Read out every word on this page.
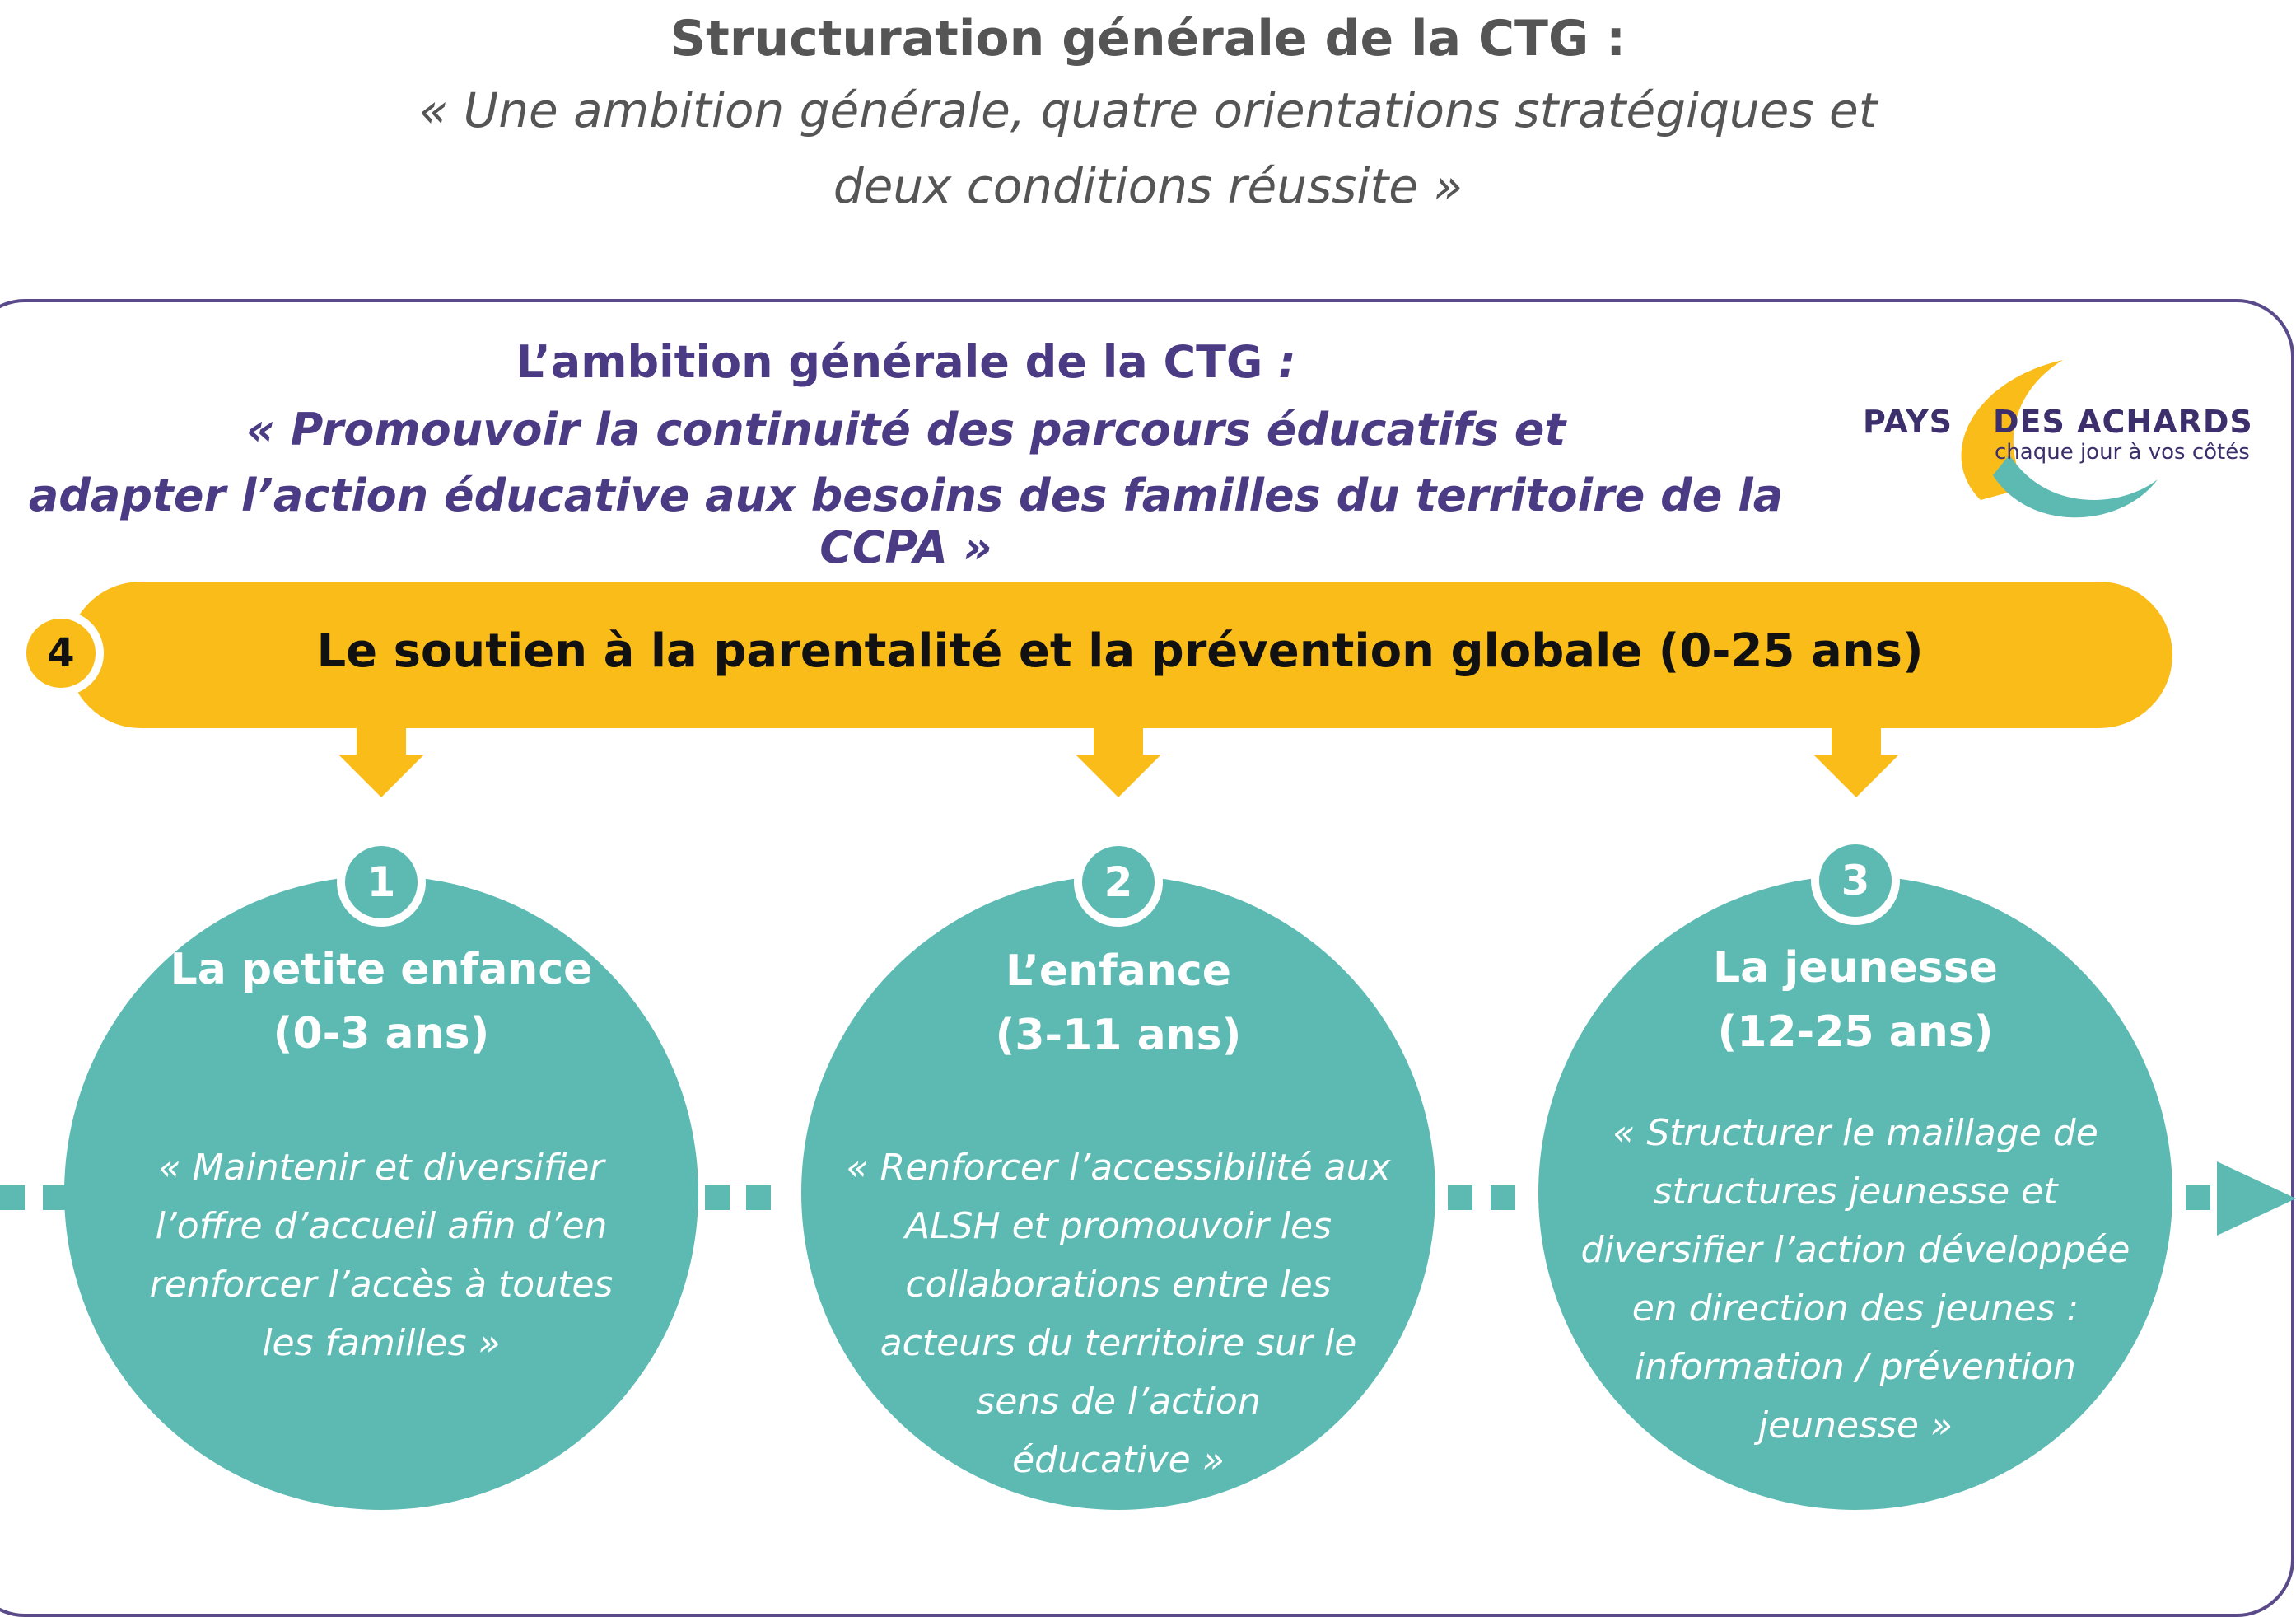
Structuration générale de la CTG :
« Une ambition générale, quatre orientations stratégiques et
deux conditions réussite »
L’ambition générale de la CTG :
« Promouvoir la continuité des parcours éducatifs et
adapter l’action éducative aux besoins des familles du territoire de la CCPA »
PAYS DES ACHARDS
chaque jour à vos côtés
Le soutien à la parentalité et la prévention globale (0-25 ans)
4
1
La petite enfance
(0-3 ans)
« Maintenir et diversifier
l’offre d’accueil afin d’en
renforcer l’accès à toutes
les familles »
2
L’enfance
(3-11 ans)
« Renforcer l’accessibilité aux
ALSH et promouvoir les
collaborations entre les
acteurs du territoire sur le
sens de l’action
éducative »
3
La jeunesse
(12-25 ans)
« Structurer le maillage de
structures jeunesse et
diversifier l’action développée
en direction des jeunes :
information / prévention
jeunesse »
